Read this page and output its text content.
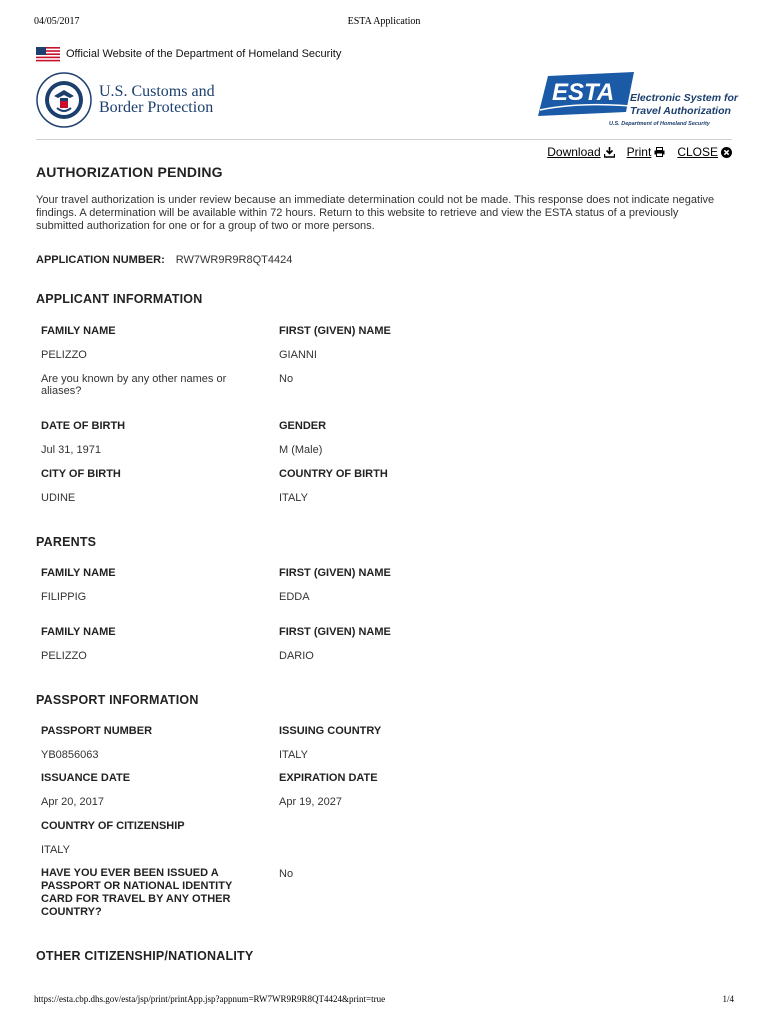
04/05/2017	ESTA Application
Official Website of the Department of Homeland Security
U.S. Customs and
Border Protection
ESTA Electronic System for
Travel Authorization
U.S. Department of Homeland Security
Download Print CLOSE
AUTHORIZATION PENDING
Your travel authorization is under review because an immediate determination could not be made. This response does not indicate negative findings. A determination will be available within 72 hours. Return to this website to retrieve and view the ESTA status of a previously submitted authorization for one or for a group of two or more persons.
APPLICATION NUMBER: RW7WR9R9R8QT4424
APPLICANT INFORMATION
FAMILY NAME	FIRST (GIVEN) NAME
PELIZZO	GIANNI
Are you known by any other names or aliases?
No
DATE OF BIRTH	GENDER
Jul 31, 1971	M (Male)
CITY OF BIRTH	COUNTRY OF BIRTH
UDINE	ITALY
PARENTS
FAMILY NAME	FIRST (GIVEN) NAME
FILIPPIG	EDDA
FAMILY NAME	FIRST (GIVEN) NAME
PELIZZO	DARIO
PASSPORT INFORMATION
PASSPORT NUMBER	ISSUING COUNTRY
YB0856063	ITALY
ISSUANCE DATE	EXPIRATION DATE
Apr 20, 2017	Apr 19, 2027
COUNTRY OF CITIZENSHIP
ITALY
HAVE YOU EVER BEEN ISSUED A PASSPORT OR NATIONAL IDENTITY CARD FOR TRAVEL BY ANY OTHER COUNTRY?
No
OTHER CITIZENSHIP/NATIONALITY
https://esta.cbp.dhs.gov/esta/jsp/print/printApp.jsp?appnum=RW7WR9R9R8QT4424&print=true	1/4
